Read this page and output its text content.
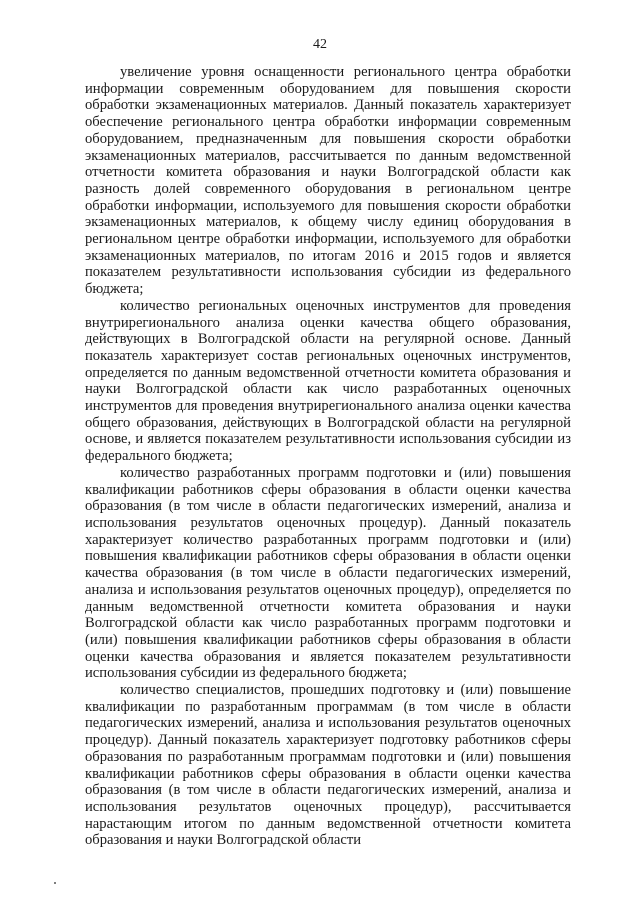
42

увеличение уровня оснащенности регионального центра обработки информации современным оборудованием для повышения скорости обработки экзаменационных материалов. Данный показатель характеризует обеспечение регионального центра обработки информации современным оборудованием, предназначенным для повышения скорости обработки экзаменационных материалов, рассчитывается по данным ведомственной отчетности комитета образования и науки Волгоградской области как разность долей современного оборудования в региональном центре обработки информации, используемого для повышения скорости обработки экзаменационных материалов, к общему числу единиц оборудования в региональном центре обработки информации, используемого для обработки экзаменационных материалов, по итогам 2016 и 2015 годов и является показателем результативности использования субсидии из федерального бюджета;

количество региональных оценочных инструментов для проведения внутрирегионального анализа оценки качества общего образования, действующих в Волгоградской области на регулярной основе. Данный показатель характеризует состав региональных оценочных инструментов, определяется по данным ведомственной отчетности комитета образования и науки Волгоградской области как число разработанных оценочных инструментов для проведения внутрирегионального анализа оценки качества общего образования, действующих в Волгоградской области на регулярной основе, и является показателем результативности использования субсидии из федерального бюджета;

количество разработанных программ подготовки и (или) повышения квалификации работников сферы образования в области оценки качества образования (в том числе в области педагогических измерений, анализа и использования результатов оценочных процедур). Данный показатель характеризует количество разработанных программ подготовки и (или) повышения квалификации работников сферы образования в области оценки качества образования (в том числе в области педагогических измерений, анализа и использования результатов оценочных процедур), определяется по данным ведомственной отчетности комитета образования и науки Волгоградской области как число разработанных программ подготовки и (или) повышения квалификации работников сферы образования в области оценки качества образования и является показателем результативности использования субсидии из федерального бюджета;

количество специалистов, прошедших подготовку и (или) повышение квалификации по разработанным программам (в том числе в области педагогических измерений, анализа и использования результатов оценочных процедур). Данный показатель характеризует подготовку работников сферы образования по разработанным программам подготовки и (или) повышения квалификации работников сферы образования в области оценки качества образования (в том числе в области педагогических измерений, анализа и использования результатов оценочных процедур), рассчитывается нарастающим итогом по данным ведомственной отчетности комитета образования и науки Волгоградской области
